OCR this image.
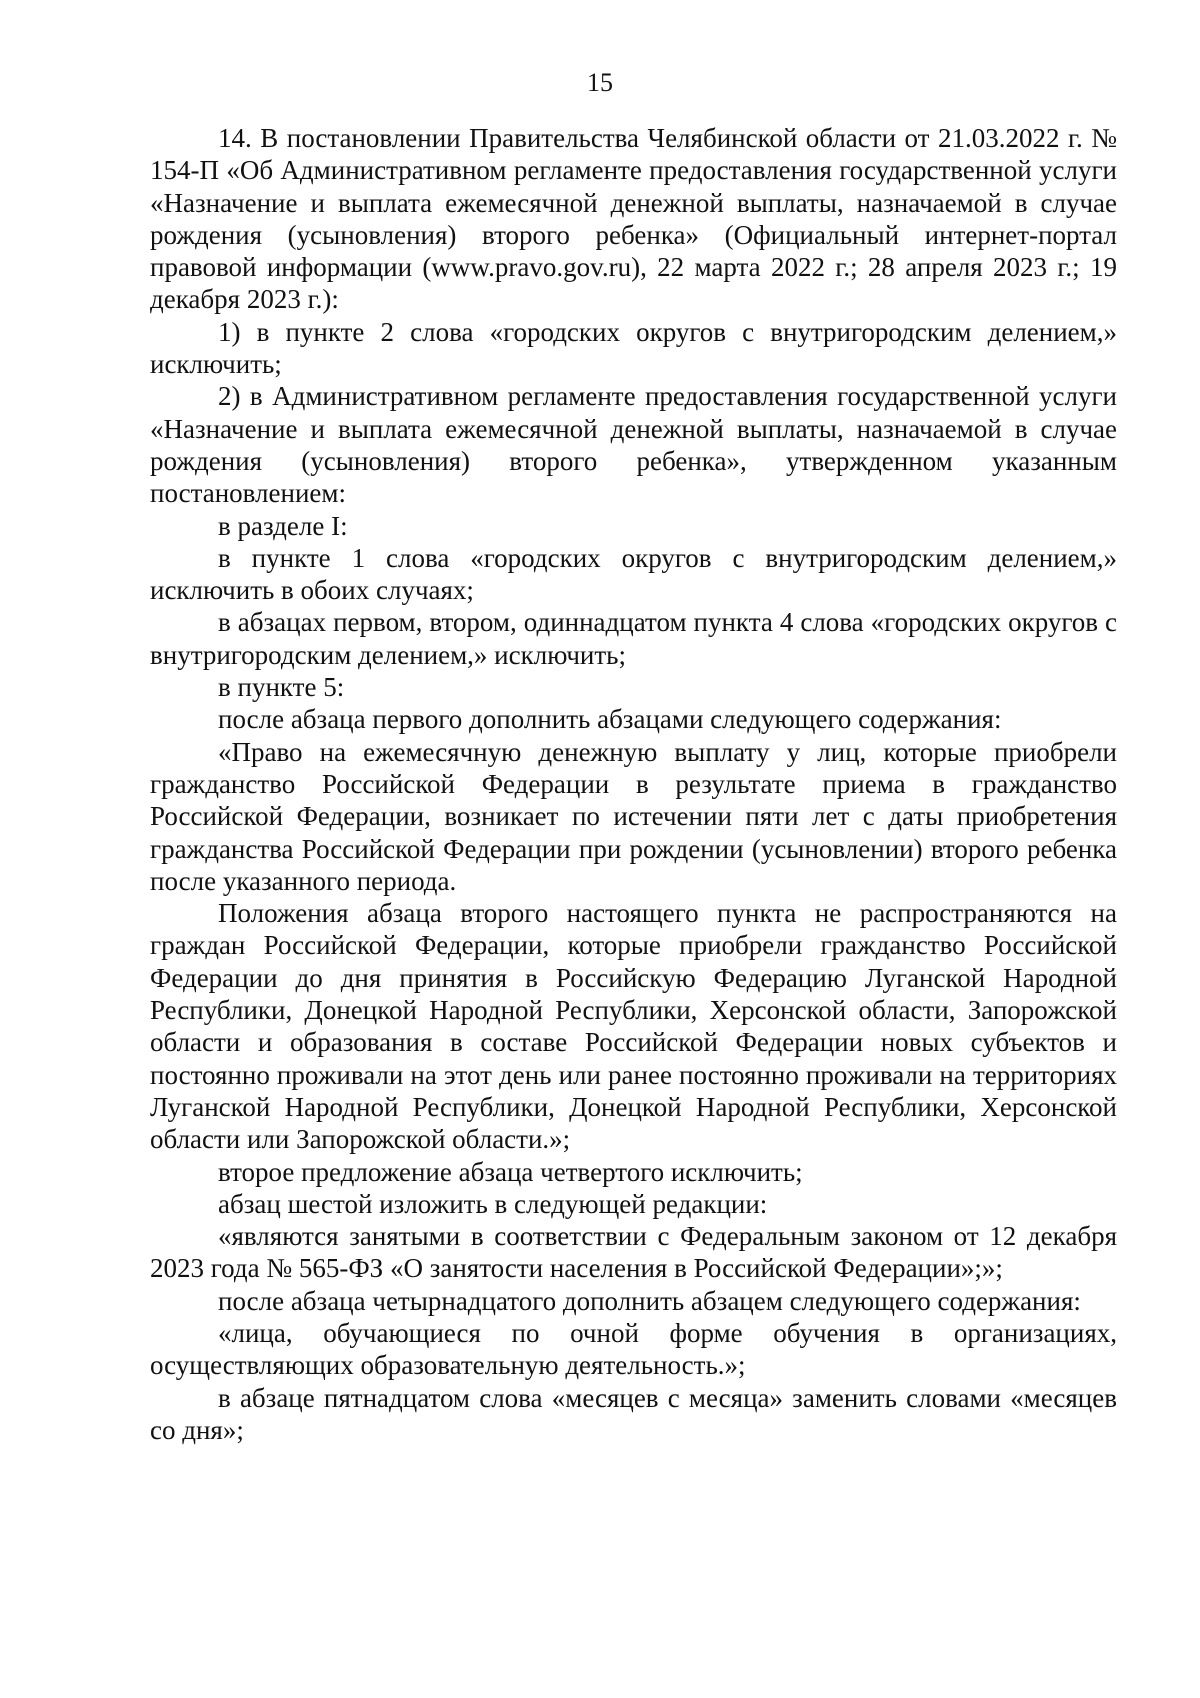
15

14. В постановлении Правительства Челябинской области от 21.03.2022 г. № 154-П «Об Административном регламенте предоставления государственной услуги «Назначение и выплата ежемесячной денежной выплаты, назначаемой в случае рождения (усыновления) второго ребенка» (Официальный интернет-портал правовой информации (www.pravo.gov.ru), 22 марта 2022 г.; 28 апреля 2023 г.; 19 декабря 2023 г.):

1) в пункте 2 слова «городских округов с внутригородским делением,» исключить;

2) в Административном регламенте предоставления государственной услуги «Назначение и выплата ежемесячной денежной выплаты, назначаемой в случае рождения (усыновления) второго ребенка», утвержденном указанным постановлением:

в разделе I:

в пункте 1 слова «городских округов с внутригородским делением,» исключить в обоих случаях;

в абзацах первом, втором, одиннадцатом пункта 4 слова «городских округов с внутригородским делением,» исключить;

в пункте 5:

после абзаца первого дополнить абзацами следующего содержания:

«Право на ежемесячную денежную выплату у лиц, которые приобрели гражданство Российской Федерации в результате приема в гражданство Российской Федерации, возникает по истечении пяти лет с даты приобретения гражданства Российской Федерации при рождении (усыновлении) второго ребенка после указанного периода.

Положения абзаца второго настоящего пункта не распространяются на граждан Российской Федерации, которые приобрели гражданство Российской Федерации до дня принятия в Российскую Федерацию Луганской Народной Республики, Донецкой Народной Республики, Херсонской области, Запорожской области и образования в составе Российской Федерации новых субъектов и постоянно проживали на этот день или ранее постоянно проживали на территориях Луганской Народной Республики, Донецкой Народной Республики, Херсонской области или Запорожской области.»;

второе предложение абзаца четвертого исключить;

абзац шестой изложить в следующей редакции:

«являются занятыми в соответствии с Федеральным законом от 12 декабря 2023 года № 565-ФЗ «О занятости населения в Российской Федерации»;»;

после абзаца четырнадцатого дополнить абзацем следующего содержания:

«лица, обучающиеся по очной форме обучения в организациях, осуществляющих образовательную деятельность.»;

в абзаце пятнадцатом слова «месяцев с месяца» заменить словами «месяцев со дня»;
